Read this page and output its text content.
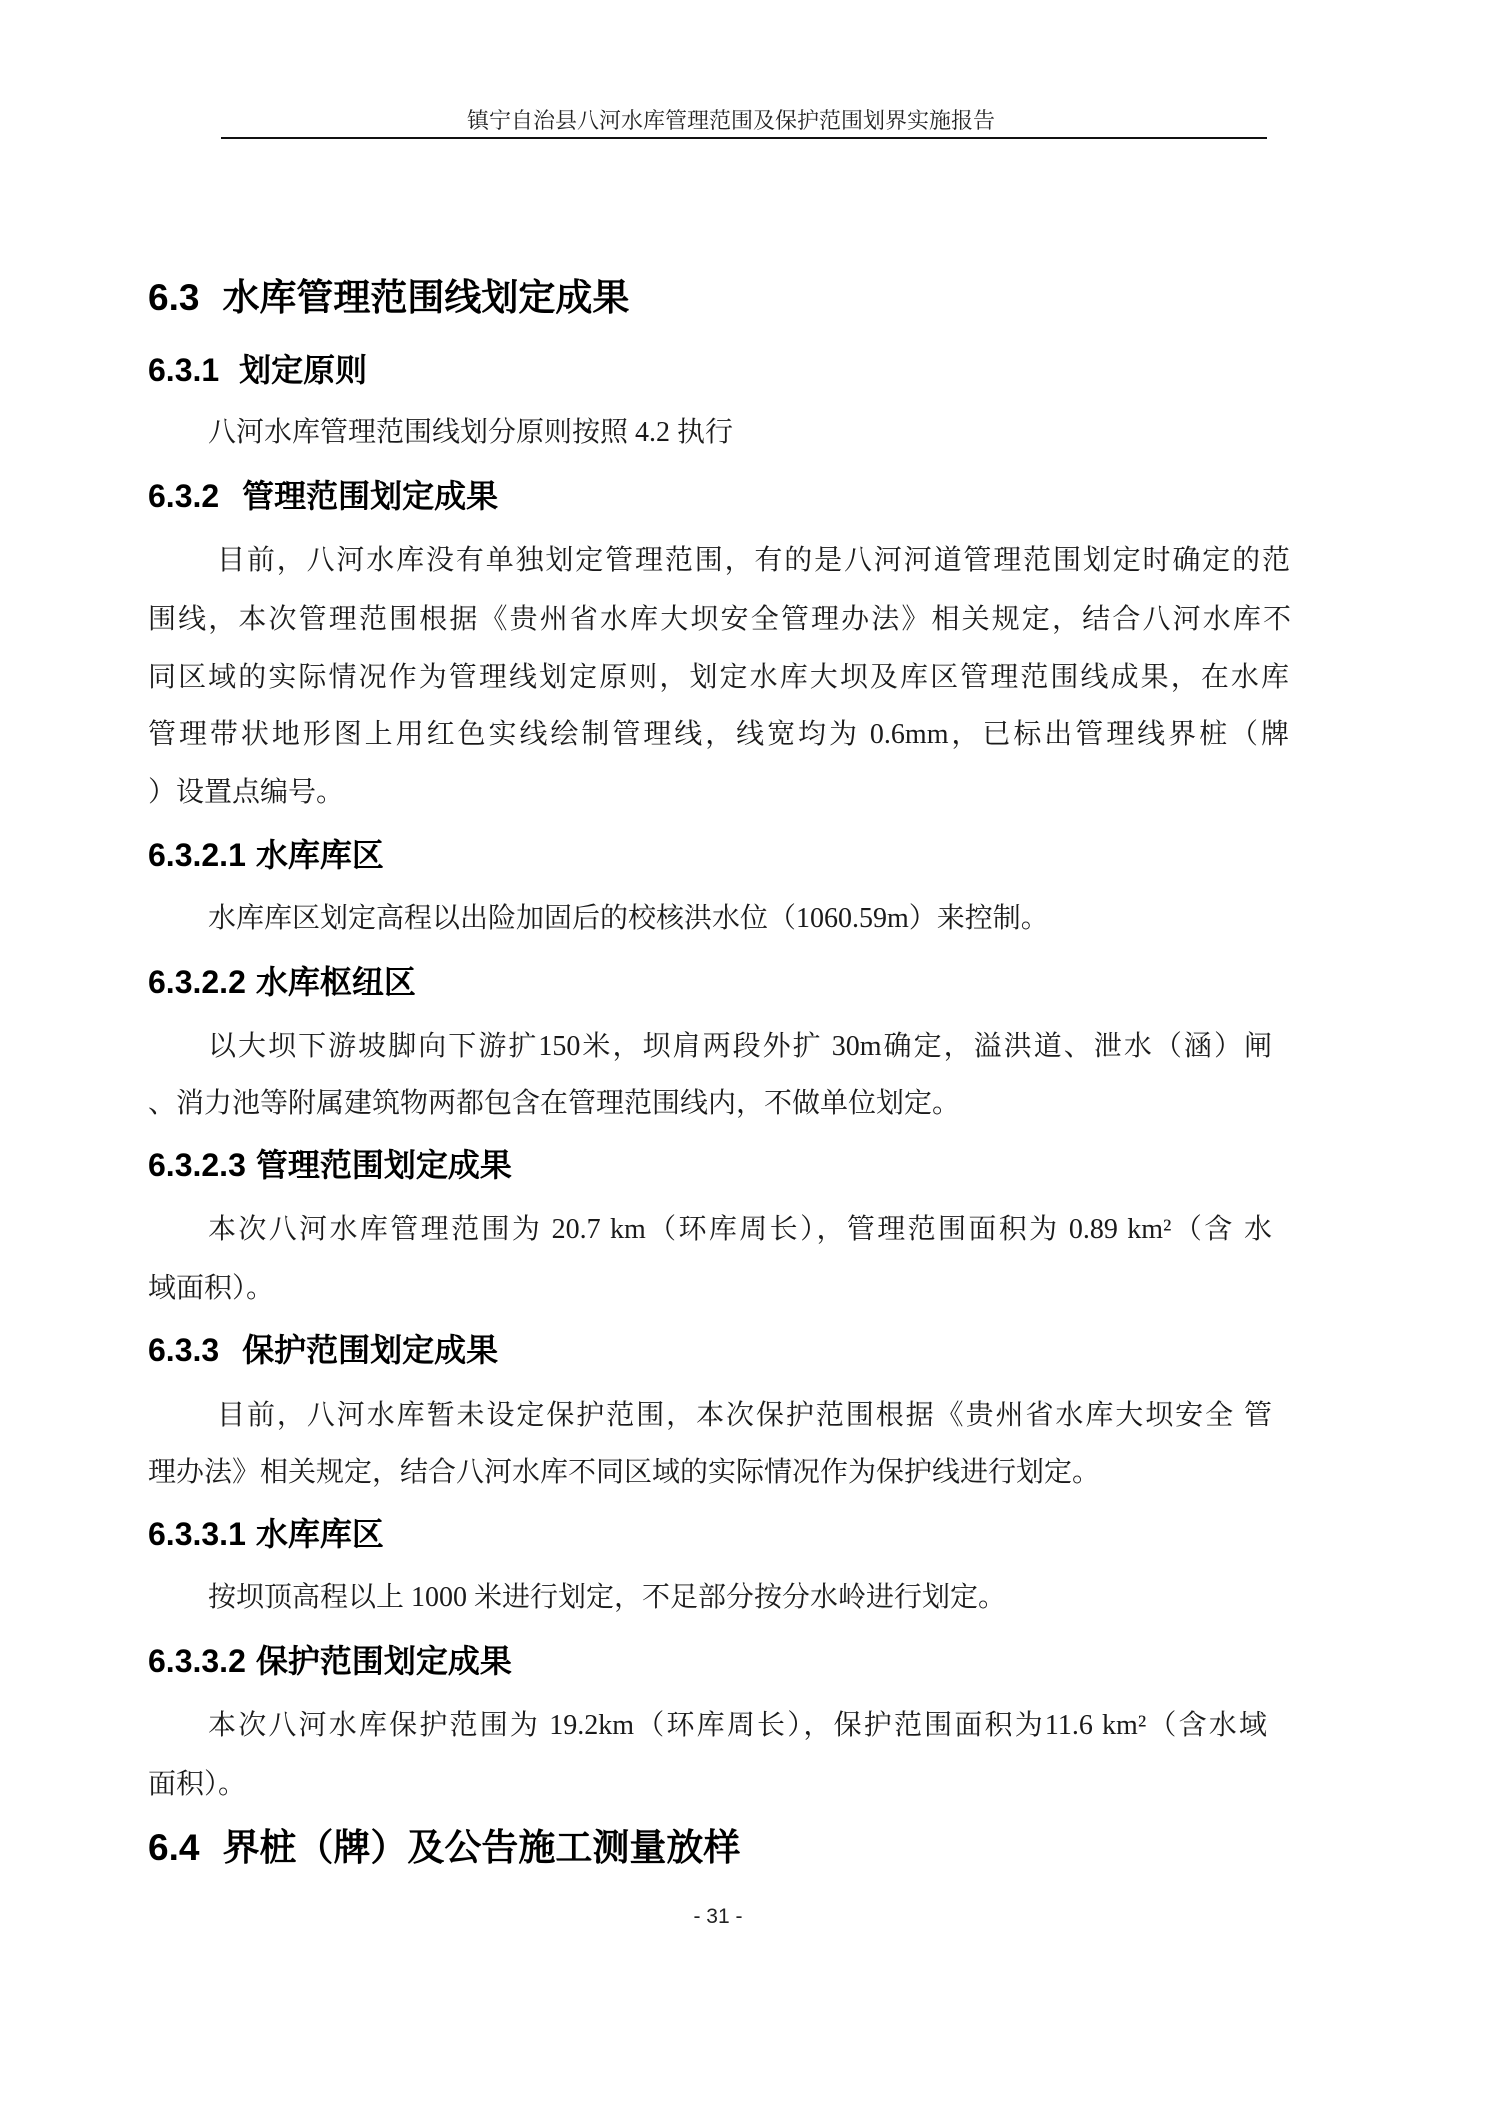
镇宁自治县八河水库管理范围及保护范围划界实施报告
6.3 水库管理范围线划定成果
6.3.1 划定原则
八河水库管理范围线划分原则按照 4.2 执行
6.3.2 管理范围划定成果
目前，八河水库没有单独划定管理范围，有的是八河河道管理范围划定时确定的范
围线，本次管理范围根据《贵州省水库大坝安全管理办法》相关规定，结合八河水库不
同区域的实际情况作为管理线划定原则，划定水库大坝及库区管理范围线成果，在水库
管理带状地形图上用红色实线绘制管理线，线宽均为 0.6mm，已标出管理线界桩（牌
）设置点编号。
6.3.2.1 水库库区
水库库区划定高程以出险加固后的校核洪水位（1060.59m）来控制。
6.3.2.2 水库枢纽区
以大坝下游坡脚向下游扩150米，坝肩两段外扩 30m确定，溢洪道、泄水（涵）闸
、消力池等附属建筑物两都包含在管理范围线内，不做单位划定。
6.3.2.3 管理范围划定成果
本次八河水库管理范围为 20.7 km（环库周长），管理范围面积为 0.89 km²（含 水
域面积）。
6.3.3 保护范围划定成果
目前，八河水库暂未设定保护范围，本次保护范围根据《贵州省水库大坝安全 管
理办法》相关规定，结合八河水库不同区域的实际情况作为保护线进行划定。
6.3.3.1 水库库区
按坝顶高程以上 1000 米进行划定，不足部分按分水岭进行划定。
6.3.3.2 保护范围划定成果
本次八河水库保护范围为 19.2km（环库周长），保护范围面积为11.6 km²（含水域
面积）。
6.4 界桩（牌）及公告施工测量放样
- 31 -
